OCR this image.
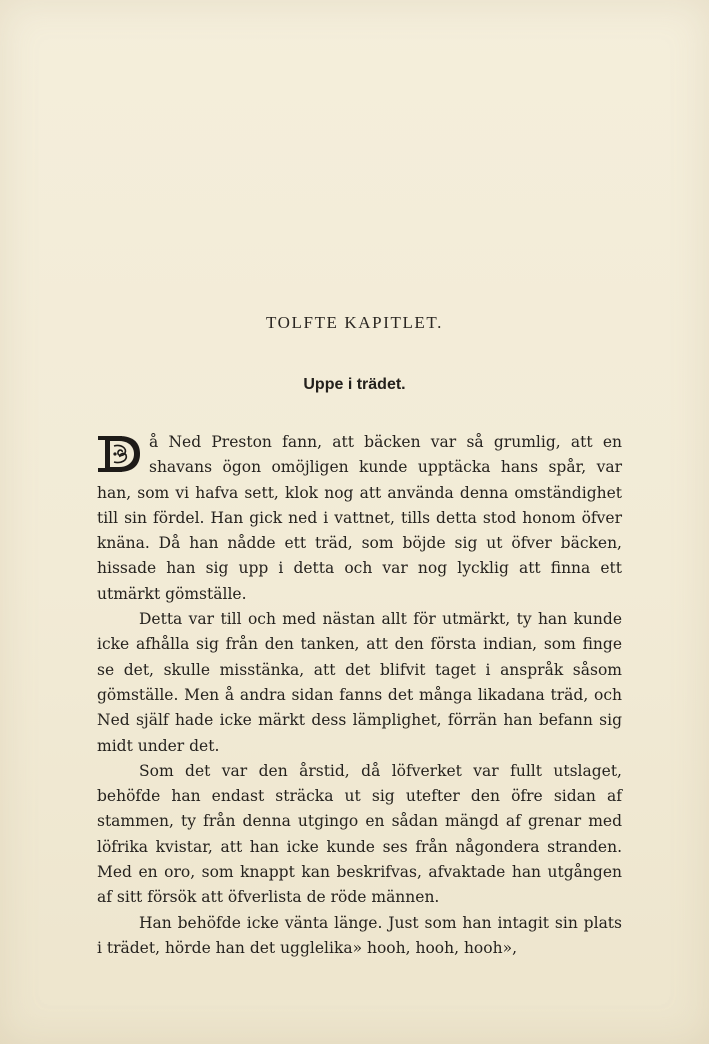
TOLFTE KAPITLET.
Uppe i trädet.

å Ned Preston fann, att bäcken var så grumlig, att en shavans ögon omöjligen kunde upptäcka hans spår, var han, som vi hafva sett, klok nog att använda denna omständighet till sin fördel. Han gick ned i vattnet, tills detta stod honom öfver knäna. Då han nådde ett träd, som böjde sig ut öfver bäcken, hissade han sig upp i detta och var nog lycklig att finna ett utmärkt gömställe.

Detta var till och med nästan allt för utmärkt, ty han kunde icke afhålla sig från den tanken, att den första indian, som finge se det, skulle misstänka, att det blifvit taget i anspråk såsom gömställe. Men å andra sidan fanns det många likadana träd, och Ned själf hade icke märkt dess lämplighet, förrän han befann sig midt under det.

Som det var den årstid, då löfverket var fullt utslaget, behöfde han endast sträcka ut sig utefter den öfre sidan af stammen, ty från denna utgingo en sådan mängd af grenar med löfrika kvistar, att han icke kunde ses från någondera stranden. Med en oro, som knappt kan beskrifvas, afvaktade han utgången af sitt försök att öfverlista de röde männen.

Han behöfde icke vänta länge. Just som han intagit sin plats i trädet, hörde han det ugglelika» hooh, hooh, hooh»,
